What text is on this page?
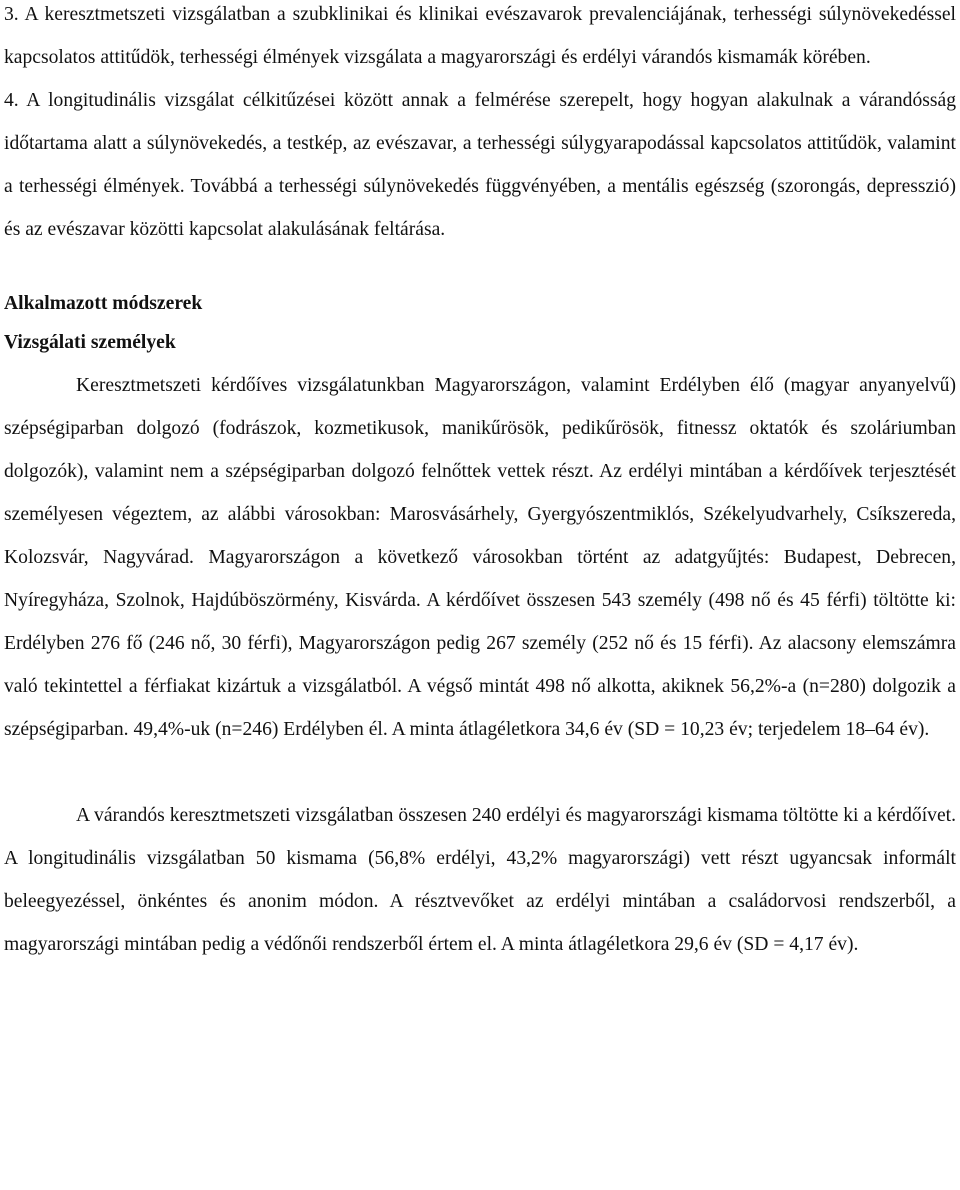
3. A keresztmetszeti vizsgálatban a szubklinikai és klinikai evészavarok prevalenciájának, terhességi súlynövekedéssel kapcsolatos attitűdök, terhességi élmények vizsgálata a magyarországi és erdélyi várandós kismamák körében.

4. A longitudinális vizsgálat célkitűzései között annak a felmérése szerepelt, hogy hogyan alakulnak a várandósság időtartama alatt a súlynövekedés, a testkép, az evészavar, a terhességi súlygyarapodással kapcsolatos attitűdök, valamint a terhességi élmények. Továbbá a terhességi súlynövekedés függvényében, a mentális egészség (szorongás, depresszió) és az evészavar közötti kapcsolat alakulásának feltárása.

Alkalmazott módszerek
Vizsgálati személyek

Keresztmetszeti kérdőíves vizsgálatunkban Magyarországon, valamint Erdélyben élő (magyar anyanyelvű) szépségiparban dolgozó (fodrászok, kozmetikusok, manikűrösök, pedikűrösök, fitnessz oktatók és szoláriumban dolgozók), valamint nem a szépségiparban dolgozó felnőttek vettek részt. Az erdélyi mintában a kérdőívek terjesztését személyesen végeztem, az alábbi városokban: Marosvásárhely, Gyergyószentmiklós, Székelyudvarhely, Csíkszereda, Kolozsvár, Nagyvárad. Magyarországon a következő városokban történt az adatgyűjtés: Budapest, Debrecen, Nyíregyháza, Szolnok, Hajdúböszörmény, Kisvárda. A kérdőívet összesen 543 személy (498 nő és 45 férfi) töltötte ki: Erdélyben 276 fő (246 nő, 30 férfi), Magyarországon pedig 267 személy (252 nő és 15 férfi). Az alacsony elemszámra való tekintettel a férfiakat kizártuk a vizsgálatból. A végső mintát 498 nő alkotta, akiknek 56,2%-a (n=280) dolgozik a szépségiparban. 49,4%-uk (n=246) Erdélyben él. A minta átlagéletkora 34,6 év (SD = 10,23 év; terjedelem 18–64 év).

A várandós keresztmetszeti vizsgálatban összesen 240 erdélyi és magyarországi kismama töltötte ki a kérdőívet. A longitudinális vizsgálatban 50 kismama (56,8% erdélyi, 43,2% magyarországi) vett részt ugyancsak informált beleegyezéssel, önkéntes és anonim módon. A résztvevőket az erdélyi mintában a családorvosi rendszerből, a magyarországi mintában pedig a védőnői rendszerből értem el. A minta átlagéletkora 29,6 év (SD = 4,17 év).
